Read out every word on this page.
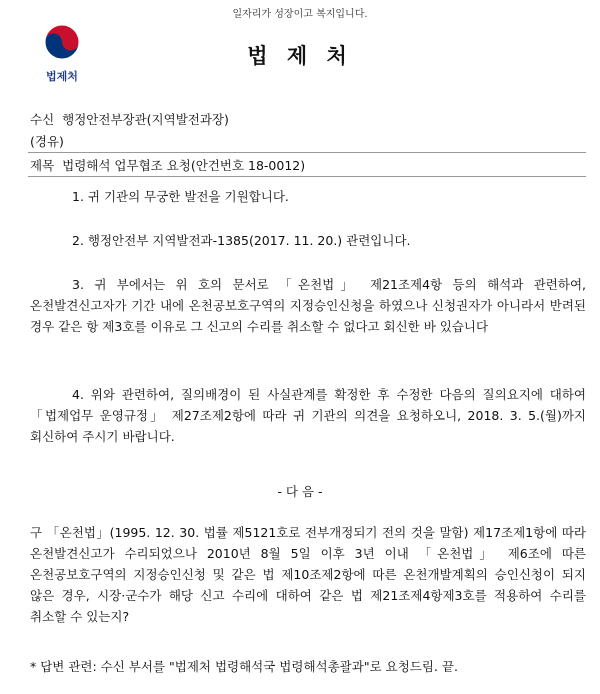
일자리가 성장이고 복지입니다.
법제처
법 제 처
수신 행정안전부장관(지역발전과장)
(경유)
제목 법령해석 업무협조 요청(안건번호 18-0012)
1. 귀 기관의 무궁한 발전을 기원합니다.
2. 행정안전부 지역발전과-1385(2017. 11. 20.) 관련입니다.
3. 귀 부에서는 위 호의 문서로 「온천법」 제21조제4항 등의 해석과 관련하여, 온천발견신고자가 기간 내에 온천공보호구역의 지정승인신청을 하였으나 신청권자가 아니라서 반려된 경우 같은 항 제3호를 이유로 그 신고의 수리를 취소할 수 없다고 회신한 바 있습니다
4. 위와 관련하여, 질의배경이 된 사실관계를 확정한 후 수정한 다음의 질의요지에 대하여 「법제업무 운영규정」 제27조제2항에 따라 귀 기관의 의견을 요청하오니, 2018. 3. 5.(월)까지 회신하여 주시기 바랍니다.
- 다 음 -
구 「온천법」(1995. 12. 30. 법률 제5121호로 전부개정되기 전의 것을 말함) 제17조제1항에 따라 온천발견신고가 수리되었으나 2010년 8월 5일 이후 3년 이내 「온천법」 제6조에 따른 온천공보호구역의 지정승인신청 및 같은 법 제10조제2항에 따른 온천개발계획의 승인신청이 되지 않은 경우, 시장·군수가 해당 신고 수리에 대하여 같은 법 제21조제4항제3호를 적용하여 수리를 취소할 수 있는지?
* 답변 관련: 수신 부서를 "법제처 법령해석국 법령해석총괄과"로 요청드림. 끝.
